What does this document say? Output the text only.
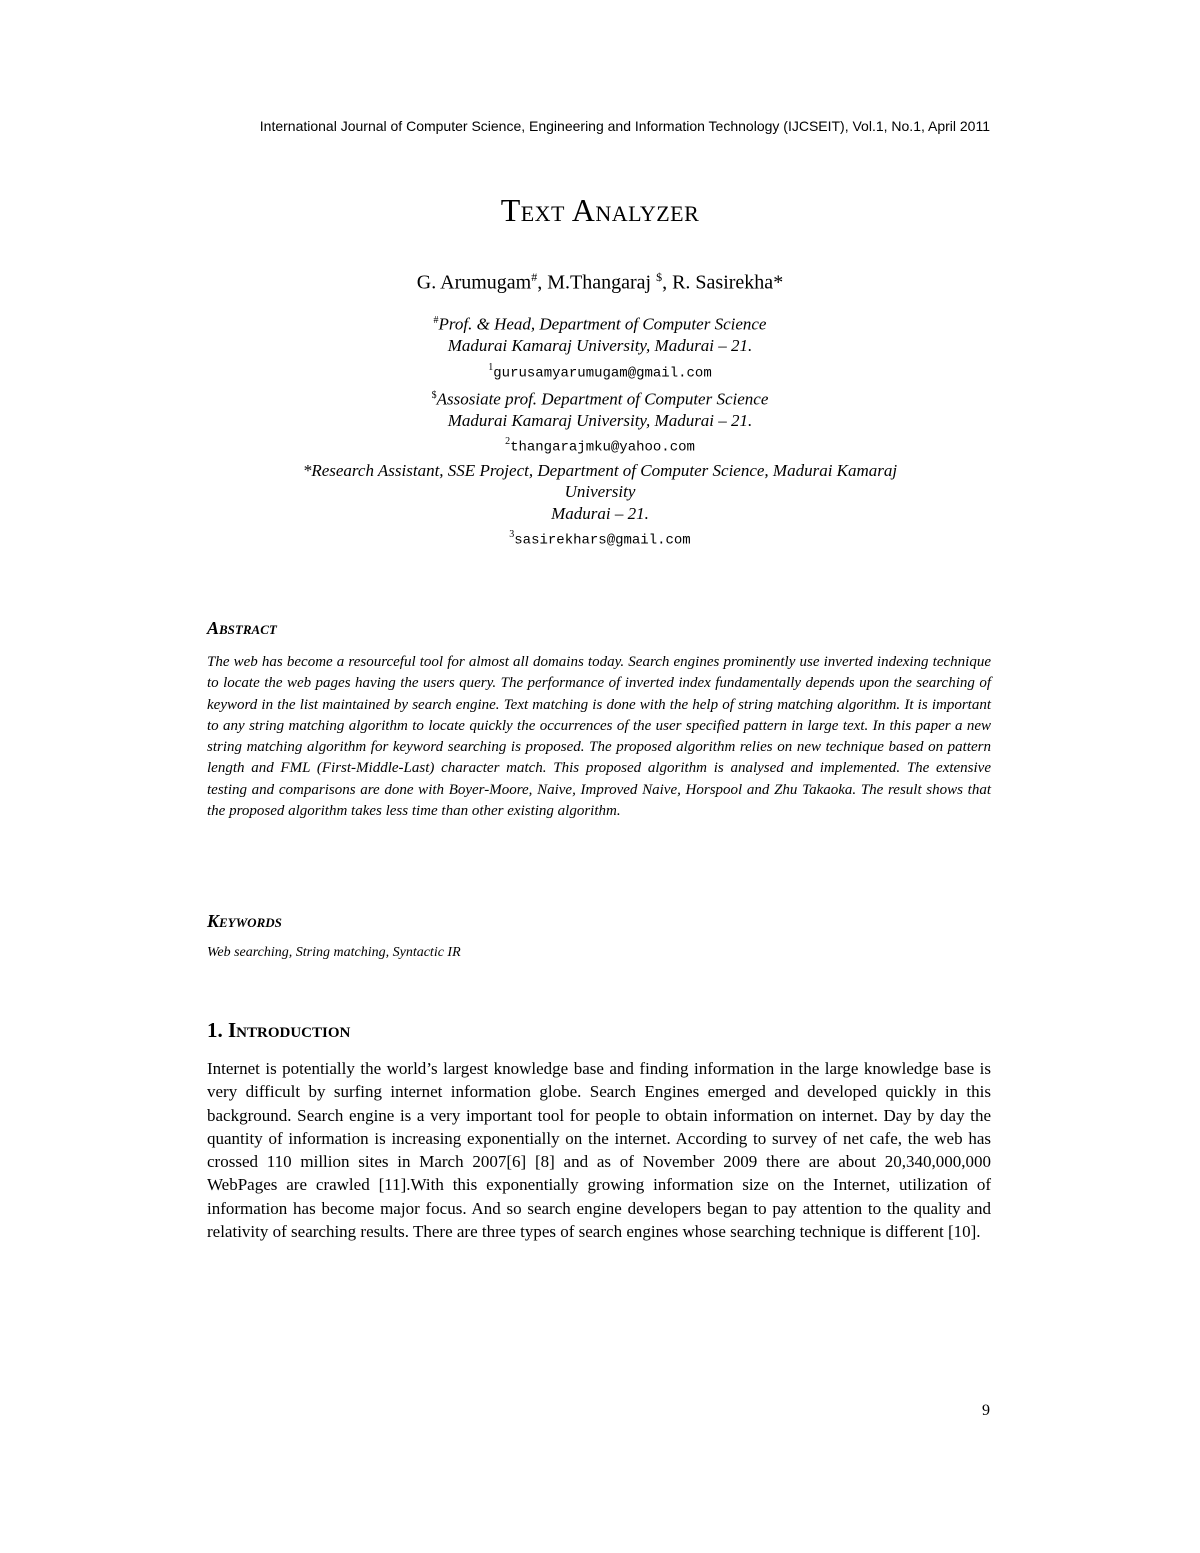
International Journal of Computer Science, Engineering and Information Technology (IJCSEIT), Vol.1, No.1, April 2011
Text Analyzer
G. Arumugam#, M.Thangaraj $, R. Sasirekha*
#Prof. & Head, Department of Computer Science
Madurai Kamaraj University, Madurai – 21.
$^1$gurusamyarumugam@gmail.com
$Assosiate prof. Department of Computer Science
Madurai Kamaraj University, Madurai – 21.
$^2$thangarajmku@yahoo.com
*Research Assistant, SSE Project, Department of Computer Science, Madurai Kamaraj
University
Madurai – 21.
$^3$sasirekhars@gmail.com
Abstract
The web has become a resourceful tool for almost all domains today. Search engines prominently use inverted indexing technique to locate the web pages having the users query. The performance of inverted index fundamentally depends upon the searching of keyword in the list maintained by search engine. Text matching is done with the help of string matching algorithm. It is important to any string matching algorithm to locate quickly the occurrences of the user specified pattern in large text. In this paper a new string matching algorithm for keyword searching is proposed. The proposed algorithm relies on new technique based on pattern length and FML (First-Middle-Last) character match. This proposed algorithm is analysed and implemented. The extensive testing and comparisons are done with Boyer-Moore, Naive, Improved Naive, Horspool and Zhu Takaoka. The result shows that the proposed algorithm takes less time than other existing algorithm.
Keywords
Web searching, String matching, Syntactic IR
1. Introduction
Internet is potentially the world’s largest knowledge base and finding information in the large knowledge base is very difficult by surfing internet information globe. Search Engines emerged and developed quickly in this background. Search engine is a very important tool for people to obtain information on internet. Day by day the quantity of information is increasing exponentially on the internet. According to survey of net cafe, the web has crossed 110 million sites in March 2007[6] [8] and as of November 2009 there are about 20,340,000,000 WebPages are crawled [11].With this exponentially growing information size on the Internet, utilization of information has become major focus. And so search engine developers began to pay attention to the quality and relativity of searching results. There are three types of search engines whose searching technique is different [10].
9
